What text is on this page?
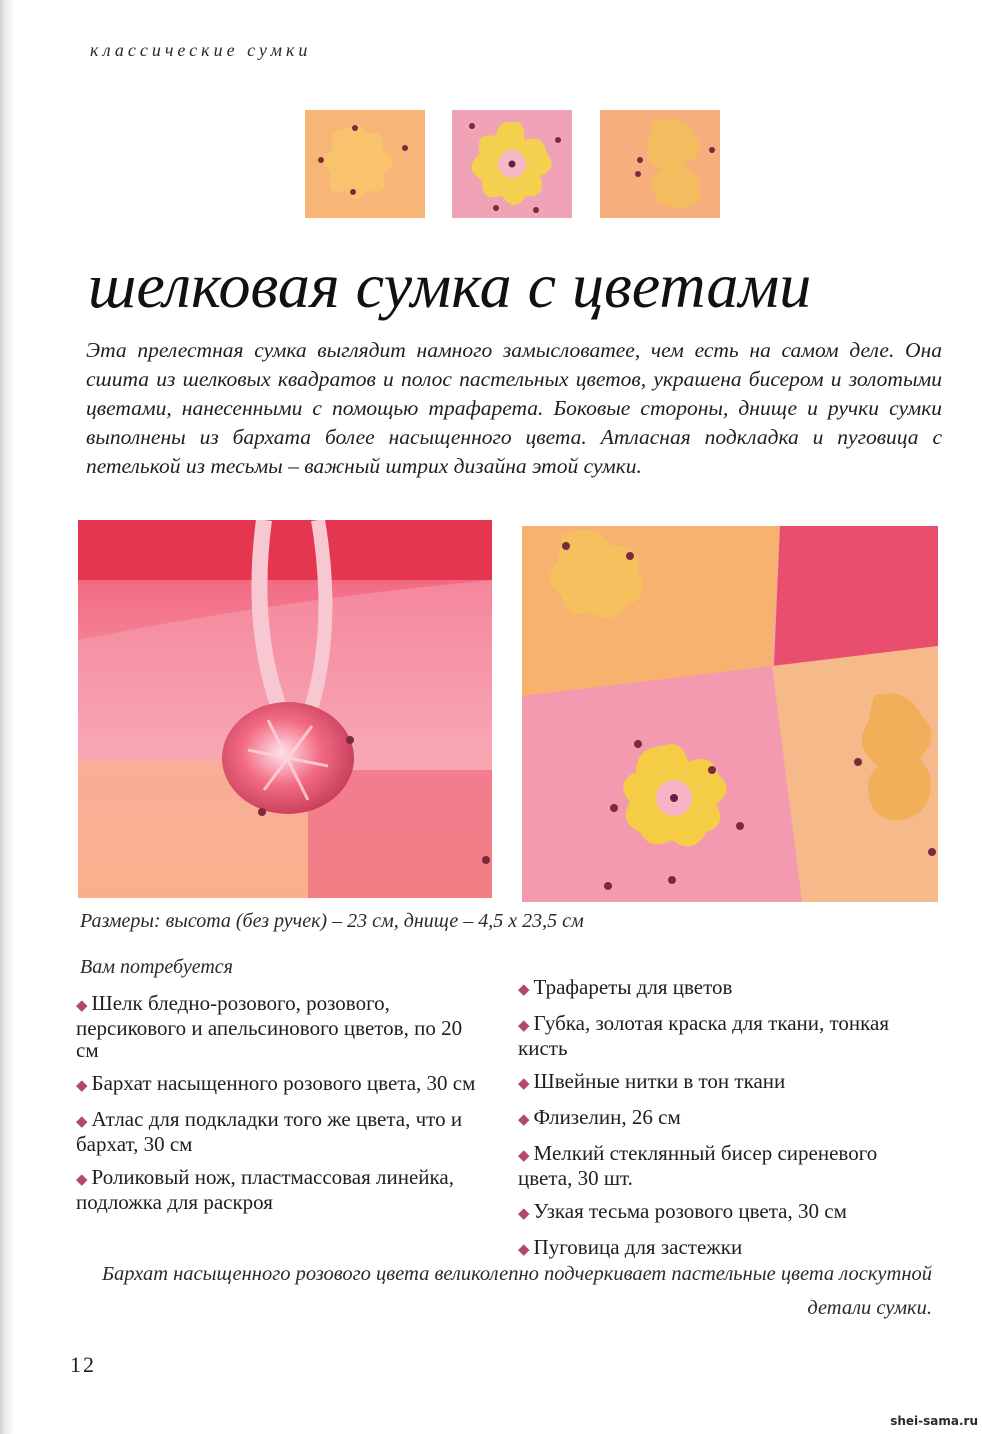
классические сумки
шелковая сумка с цветами
Эта прелестная сумка выглядит намного замысловатее, чем есть на самом деле. Она сшита из шелковых квадратов и полос пастельных цветов, украшена бисером и золотыми цветами, нанесенными с помощью трафарета. Боковые стороны, днище и ручки сумки выполнены из бархата более насыщенного цвета. Атласная подкладка и пуговица с петелькой из тесьмы – важный штрих дизайна этой сумки.
Размеры: высота (без ручек) – 23 см, днище – 4,5 х 23,5 см
Вам потребуется
◆ Шелк бледно-розового, розового, персикового и апельсинового цветов, по 20 см
◆ Бархат насыщенного розового цвета, 30 см
◆ Атлас для подкладки того же цвета, что и бархат, 30 см
◆ Роликовый нож, пластмассовая линейка, подложка для раскроя
◆ Трафареты для цветов
◆ Губка, золотая краска для ткани, тонкая кисть
◆ Швейные нитки в тон ткани
◆ Флизелин, 26 см
◆ Мелкий стеклянный бисер сиреневого цвета, 30 шт.
◆ Узкая тесьма розового цвета, 30 см
◆ Пуговица для застежки
Бархат насыщенного розового цвета великолепно подчеркивает пастельные цвета лоскутной детали сумки.
12
shei-sama.ru
